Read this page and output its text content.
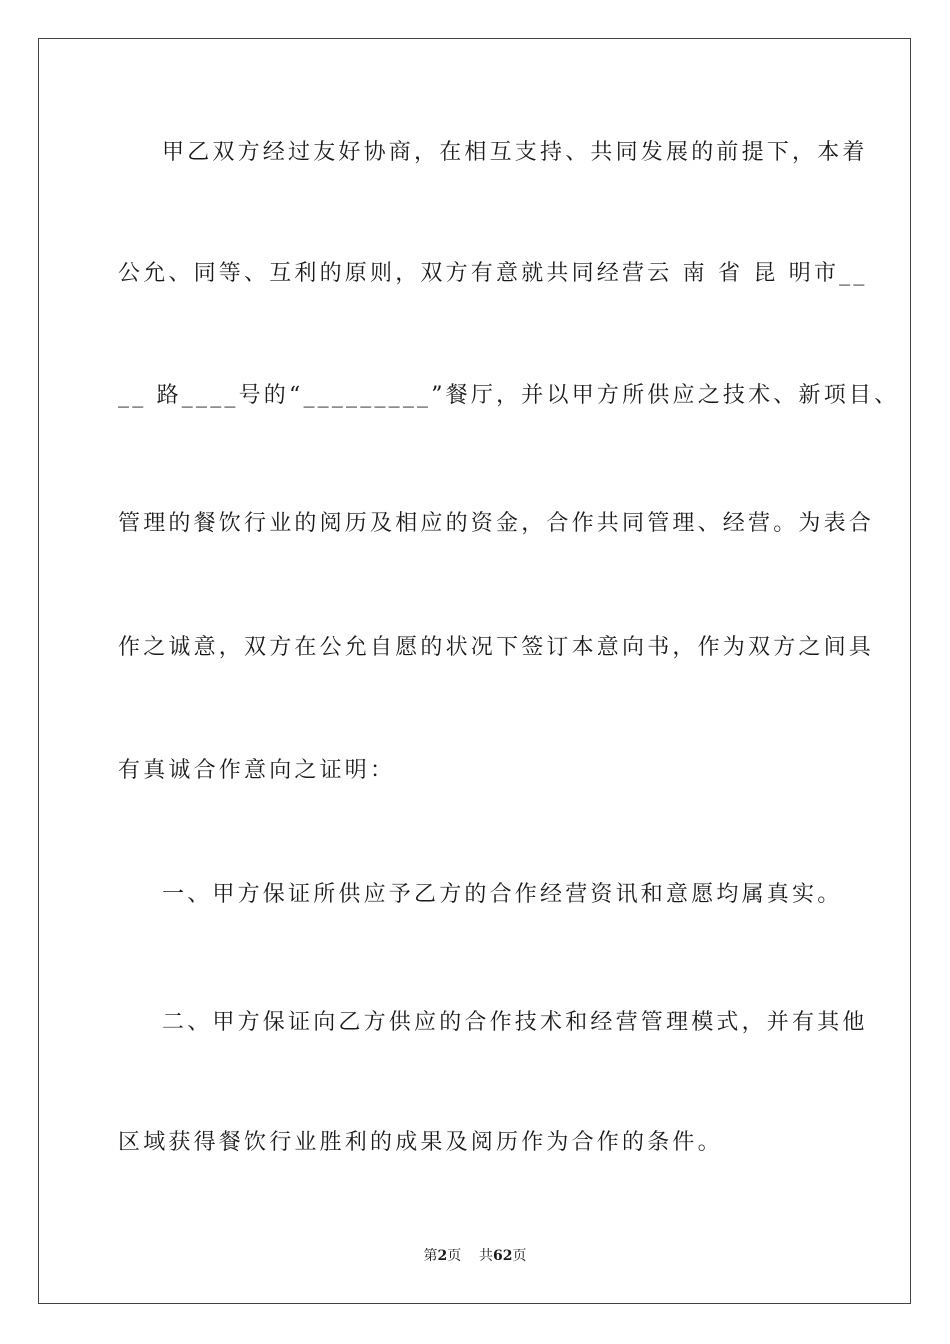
甲乙双方经过友好协商，在相互支持、共同发展的前提下，本着
公允、同等、互利的原则，双方有意就共同经营云 南 省 昆 明市__
__ 路____号的“_________”餐厅，并以甲方所供应之技术、新项目、
管理的餐饮行业的阅历及相应的资金，合作共同管理、经营。为表合
作之诚意，双方在公允自愿的状况下签订本意向书，作为双方之间具
有真诚合作意向之证明：
一、甲方保证所供应予乙方的合作经营资讯和意愿均属真实。
二、甲方保证向乙方供应的合作技术和经营管理模式，并有其他
区域获得餐饮行业胜利的成果及阅历作为合作的条件。
第2页 共62页
